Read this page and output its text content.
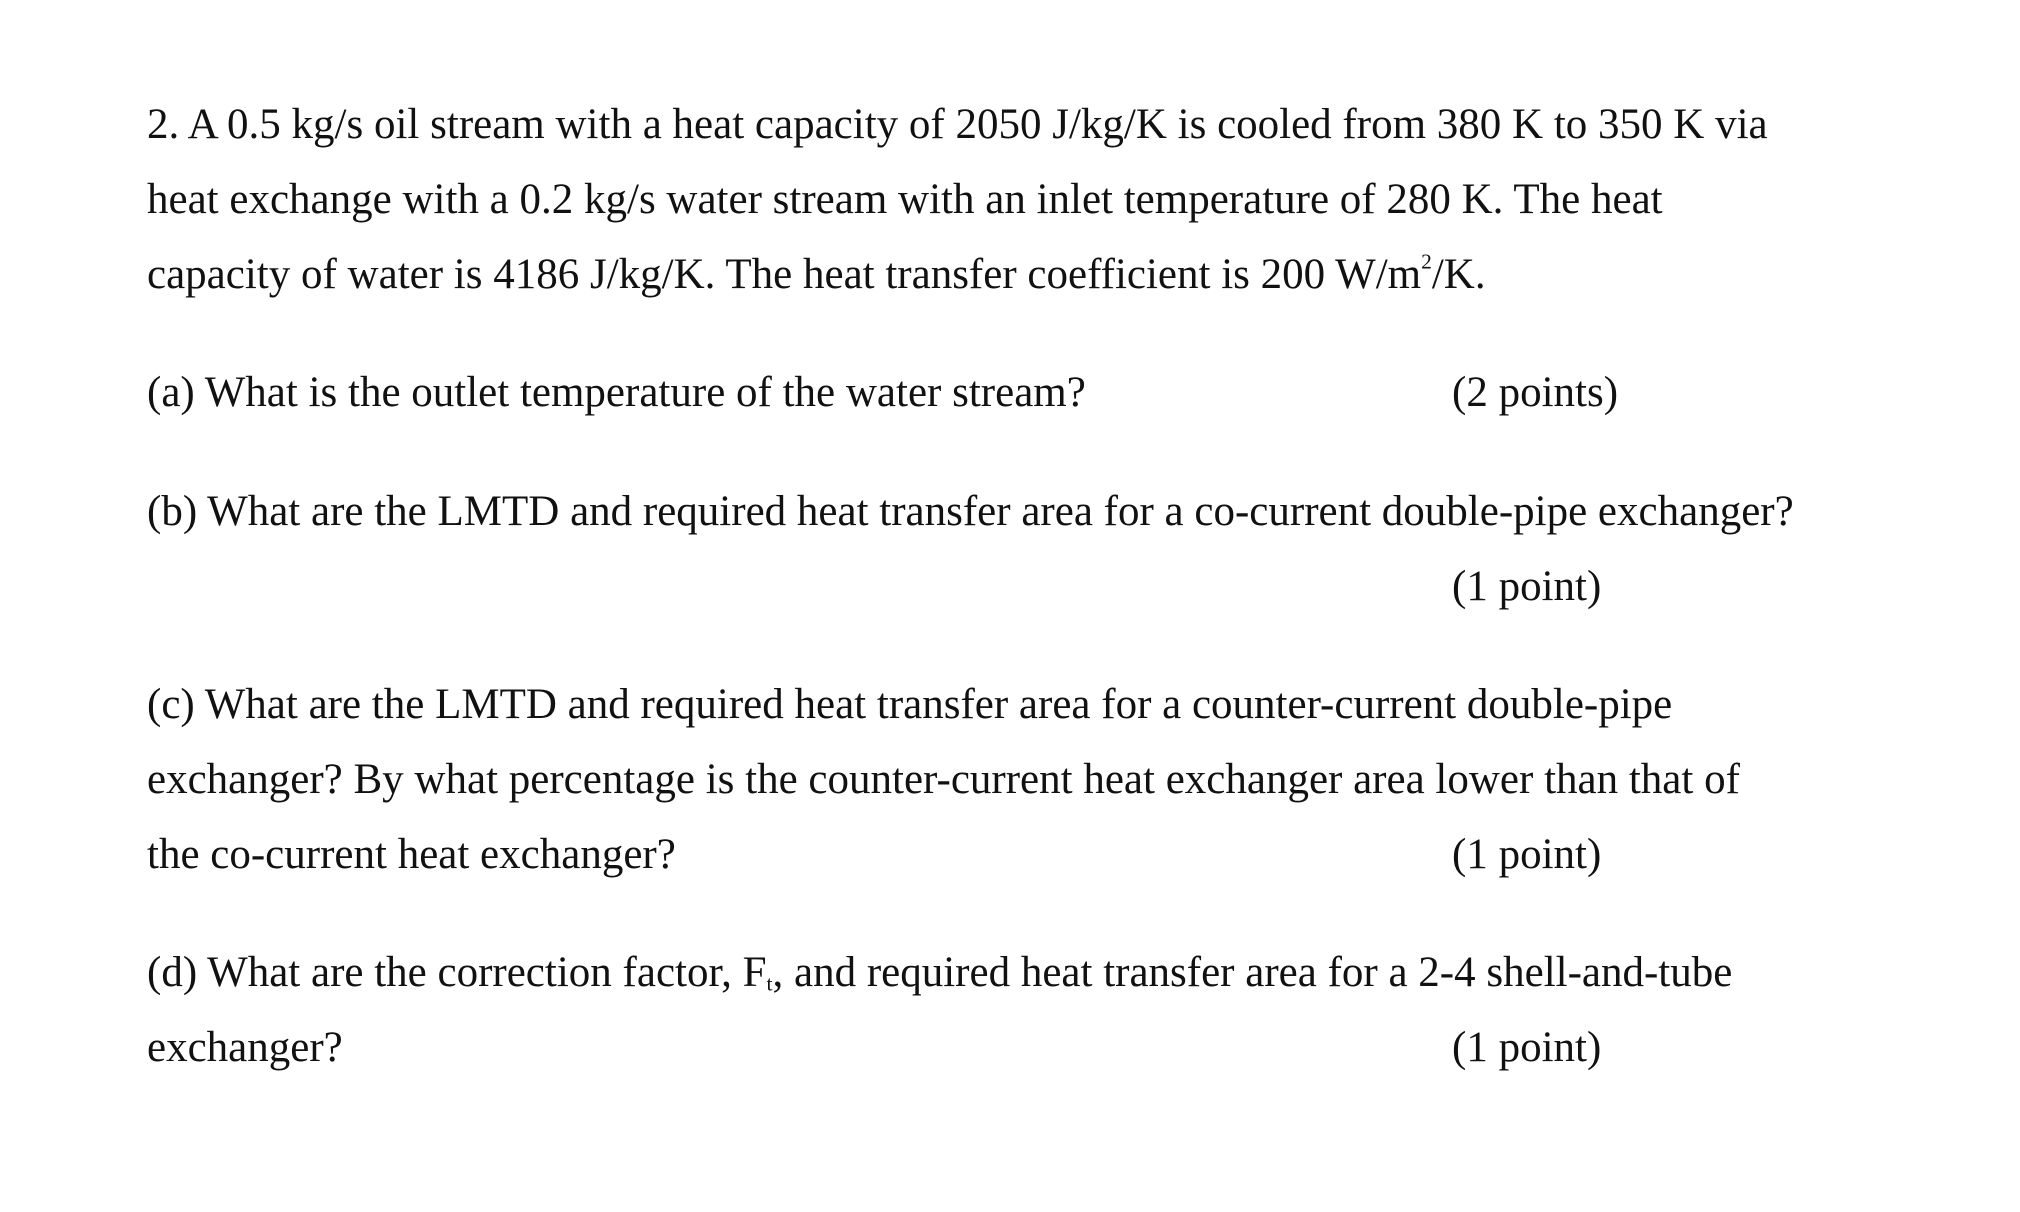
2. A 0.5 kg/s oil stream with a heat capacity of 2050 J/kg/K is cooled from 380 K to 350 K via
heat exchange with a 0.2 kg/s water stream with an inlet temperature of 280 K. The heat
capacity of water is 4186 J/kg/K. The heat transfer coefficient is 200 $W/m^2/K$.
(a) What is the outlet temperature of the water stream?	(2 points)
(b) What are the LMTD and required heat transfer area for a co-current double-pipe exchanger?
(1 point)
(c) What are the LMTD and required heat transfer area for a counter-current double-pipe
exchanger? By what percentage is the counter-current heat exchanger area lower than that of
the co-current heat exchanger?	(1 point)
(d) What are the correction factor, $F_t$, and required heat transfer area for a 2-4 shell-and-tube
exchanger?	(1 point)
